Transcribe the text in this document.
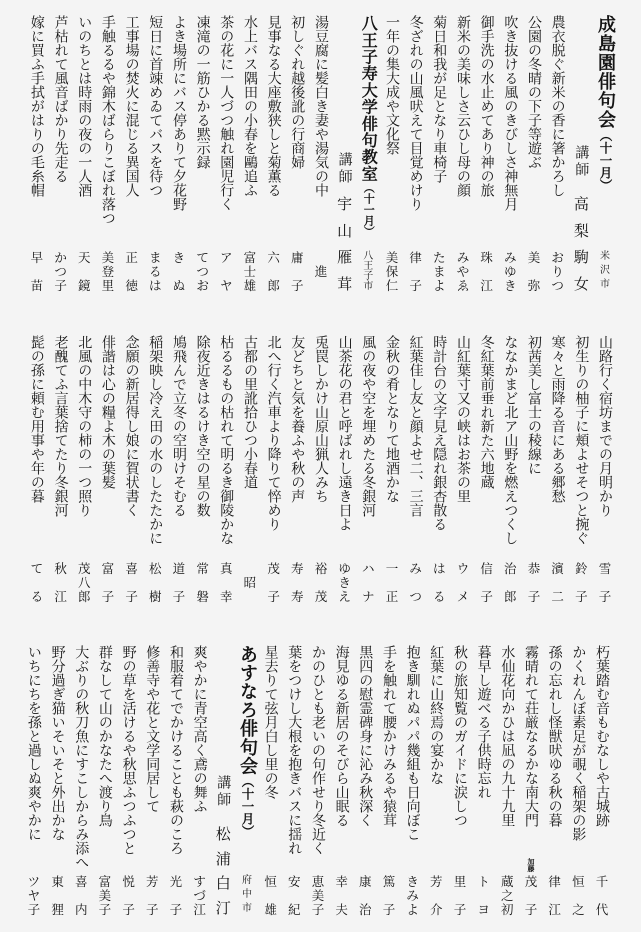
成島園俳句会（十一月）
米
沢
市
講師
高
梨
駒
女
農衣脱ぐ新米の香に箸かろし
お
り
つ
公園の冬晴の下子等遊ぶ
美
弥
吹き抜ける風のきびしさ神無月
み
ゆ
き
御手洗の水止めてあり神の旅
珠
江
新米の美味しさ云ひし母の顔
み
や
ゑ
菊日和我が足となり車椅子
た
ま
よ
冬ざれの山風吠えて目覚めけり
律
子
一年の集大成や文化祭
美
保
仁
八王子寿大学俳句教室（十一月）
八
王
子
市
講師
宇
山
雁
茸
湯豆腐に髪白き妻や湯気の中
進
初しぐれ越後訛の行商婦
庸
子
見事なる大座敷狭しと菊薫る
六
郎
水上バス隅田の小春を鷗追ふ
富
士
雄
茶の花に一人づつ触れ園児行く
ア
ヤ
凍滝の一筋ひかる黙示録
て
つ
お
よき場所にバス停ありて夕花野
き
ぬ
短日に首竦めゐてバスを待つ
ま
る
は
工事場の焚火に混じる異国人
正
徳
手触るるや錦木ばらりこぼれ落つ
美
登
里
いのちとは時雨の夜の一人酒
天
鏡
芦枯れて風音ばかり先走る
か
つ
子
嫁に買ふ手拭がはりの毛糸帽
早
苗
山路行く宿坊までの月明かり
雪
子
初生りの柚子に頬よせそつと捥ぐ
鈴
子
寒々と雨降る音にある郷愁
濱
二
初茜美し富士の稜線に
恭
子
ななかまど北ア山野を燃えつくし
治
郎
冬紅葉前垂れ新た六地蔵
信
子
山紅葉寸又の峡はお茶の里
ウ
メ
時計台の文字見え隠れ銀杏散る
は
る
紅葉佳し友と顔よせ二、三言
み
つ
金秋の肴となりて地酒かな
一
正
風の夜や空を埋めたる冬銀河
ハ
ナ
山茶花の君と呼ばれし遠き日よ
ゆ
き
え
兎罠しかけ山原山猟人みち
裕
茂
友どちと気を養ふや秋の声
寿
寿
北へ行く汽車より降りて悴めり
茂
子
古都の里訛拾ひつ小春道
昭
枯るるもの枯れて明るき御陵かな
真
幸
除夜近きはるけき空の星の数
常
磐
鳩飛んで立冬の空明けそむる
道
子
稲架映し冷え田の水のしたたかに
松
樹
念願の新居得し娘に賀状書く
喜
子
俳諧は心の糧よ木の葉髪
富
子
北風の中木守の柿の一つ照り
茂
八
郎
老醜てふ言葉捨てたり冬銀河
秋
江
髭の孫に頼む用事や年の暮
て
る
朽葉踏む音もむなしや古城跡
千
代
かくれんぼ素足が覗く稲架の影
恒
之
孫の忘れし怪獣吠ゆる秋の暮
律
江
霧晴れて荘厳なるかな南大門
加藤
茂
子
水仙花向かひは凪の九十九里
蔵
之
初
暮早し遊べる子供時忘れ
ト
ヨ
秋の旅知覧のガイドに涙しつ
里
子
紅葉に山終焉の宴かな
芳
介
抱き馴れぬパパ幾組も日向ぼこ
き
み
よ
手を触れて腰かけみるや猿茸
篤
子
黒四の慰霊碑身に沁み秋深く
康
治
海見ゆる新居のそびら山眠る
幸
夫
かのひとも老いの句作せり冬近く
恵
美
子
葉をつけし大根を抱きバスに揺れ
安
紀
星去りて弦月白し里の冬
恒
雄
あすなろ俳句会（十一月）
府
中
市
講師
松
浦
白
汀
爽やかに青空高く鳶の舞ふ
す
づ
江
和服着てでかけることも萩のころ
光
子
修善寺や花と文学同居して
芳
子
野の草を活けるや秋思ふつふつと
悦
子
群なして山のかなたへ渡り鳥
富
美
子
大ぶりの秋刀魚にすこしからみ添へ
喜
内
野分過ぎ猫いそいそと外出かな
東
狸
いちにちを孫と過しぬ爽やかに
ツ
ヤ
子
